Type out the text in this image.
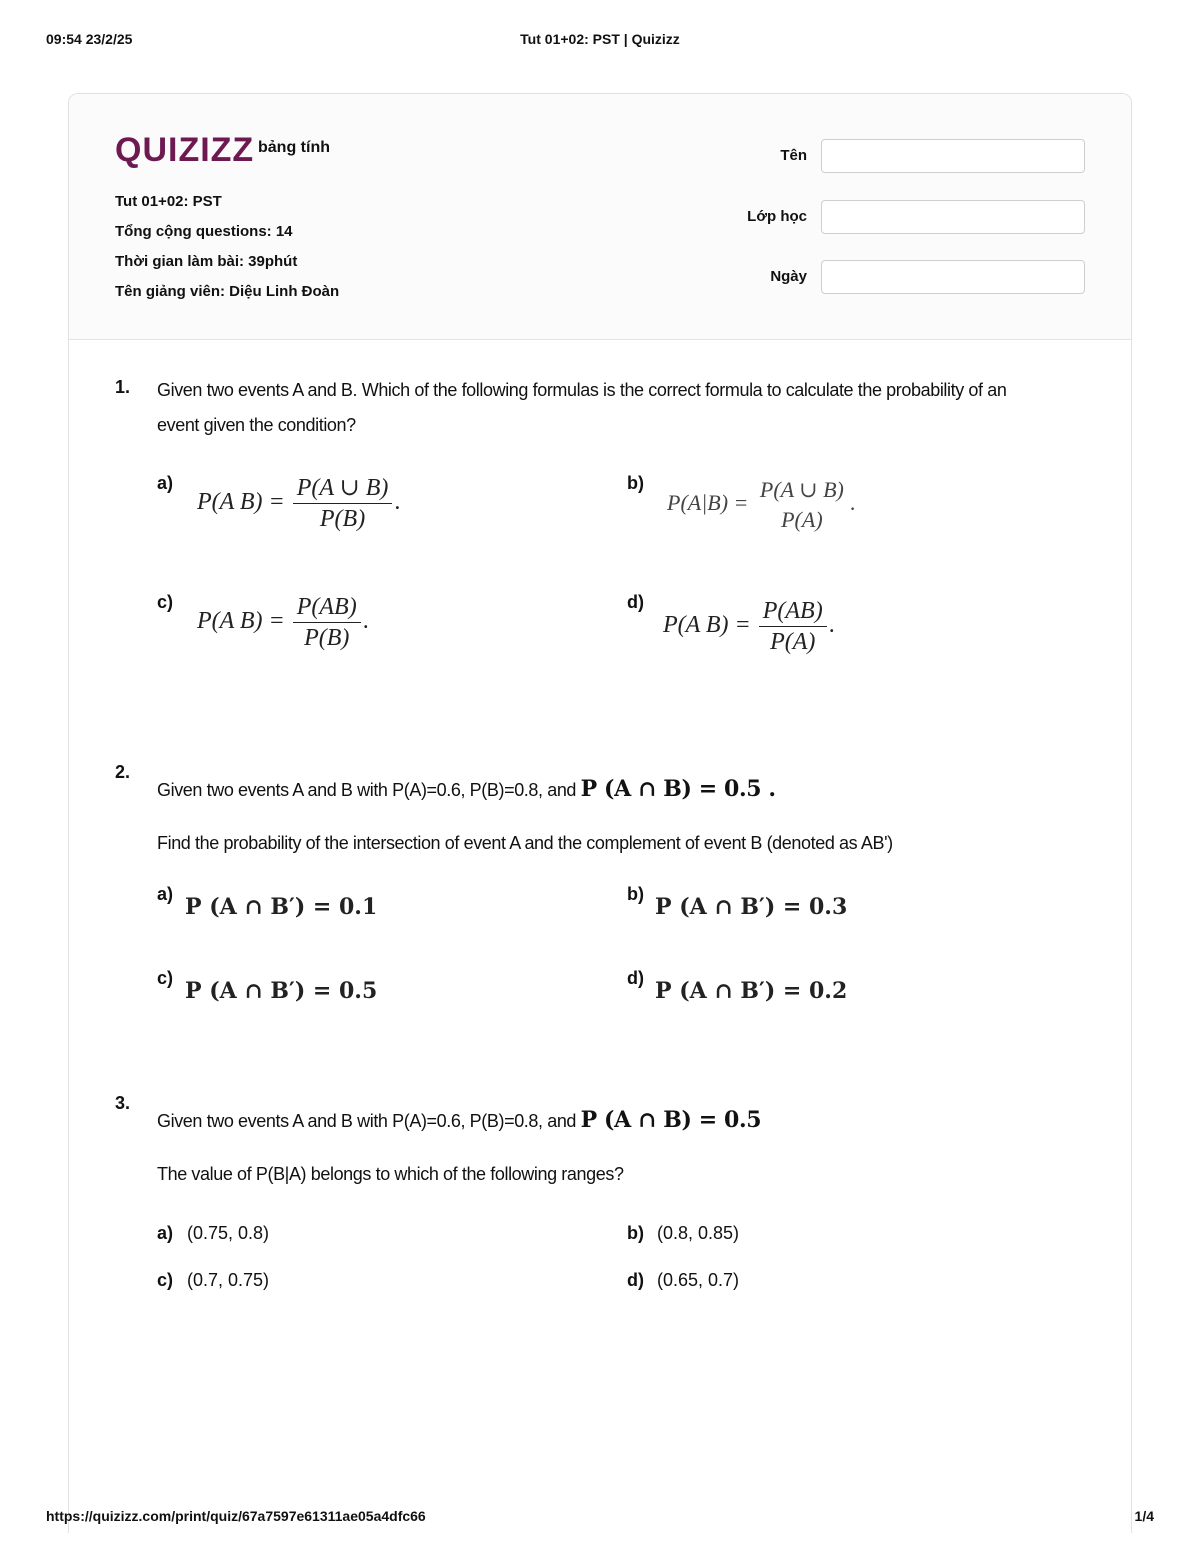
09:54 23/2/25	Tut 01+02: PST | Quizizz
QUIZIZZ bảng tính
Tut 01+02: PST
Tổng cộng questions: 14
Thời gian làm bài: 39phút
Tên giảng viên: Diệu Linh Đoàn
Tên
Lớp học
Ngày
1. Given two events A and B. Which of the following formulas is the correct formula to calculate the probability of an event given the condition?
a)
P(A $B) = \frac{P(A \cup B)}{P(B)}$ .
b)
P(A|B) =
P(A ∪ B)
P(A)
.
c)
P(A $B) = \frac{P(AB)}{P(B)}$ .
d)
P(A $B) = \frac{P(AB)}{P(A)}$ .
2.
Given two events A and B with P(A)=0.6, P(B)=0.8, and P (A ∩ B) = 0.5 .
Find the probability of the intersection of event A and the complement of event B (denoted as AB')
a) P (A ∩ B′) = 0.1	b) P (A ∩ B′) = 0.3
c) P (A ∩ B′) = 0.5	d) P (A ∩ B′) = 0.2
3.
Given two events A and B with P(A)=0.6, P(B)=0.8, and P (A ∩ B) = 0.5
The value of P(B|A) belongs to which of the following ranges?
a) (0.75, 0.8)	b) (0.8, 0.85)
c) (0.7, 0.75)	d) (0.65, 0.7)
https://quizizz.com/print/quiz/67a7597e61311ae05a4dfc66	1/4
